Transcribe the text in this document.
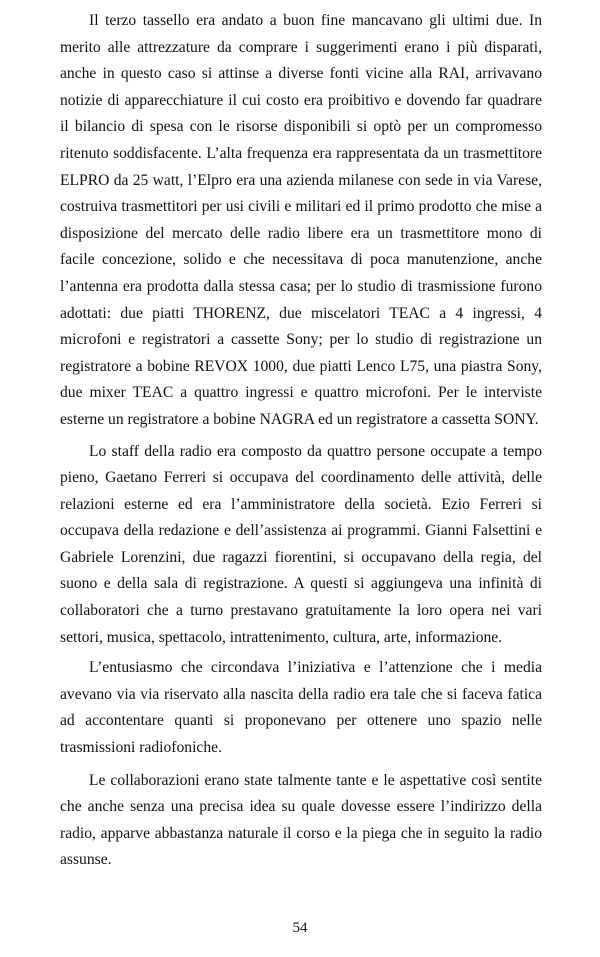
Il terzo tassello era andato a buon fine mancavano gli ultimi due. In merito alle attrezzature da comprare i suggerimenti erano i più disparati, anche in questo caso si attinse a diverse fonti vicine alla RAI, arrivavano notizie di apparecchiature il cui costo era proibitivo e dovendo far quadrare il bilancio di spesa con le risorse disponibili si optò per un compromesso ritenuto soddisfacente. L’alta frequenza era rappresentata da un trasmettitore ELPRO da 25 watt, l’Elpro era una azienda milanese con sede in via Varese, costruiva trasmettitori per usi civili e militari ed il primo prodotto che mise a disposizione del mercato delle radio libere era un trasmettitore mono di facile concezione, solido e che necessitava di poca manutenzione, anche l’antenna era prodotta dalla stessa casa; per lo studio di trasmissione furono adottati: due piatti THORENZ, due miscelatori TEAC a 4 ingressi, 4 microfoni e registratori a cassette Sony; per lo studio di registrazione un registratore a bobine REVOX 1000, due piatti Lenco L75, una piastra Sony, due mixer TEAC a quattro ingressi e quattro microfoni. Per le interviste esterne un registratore a bobine NAGRA ed un registratore a cassetta SONY.

Lo staff della radio era composto da quattro persone occupate a tempo pieno, Gaetano Ferreri si occupava del coordinamento delle attività, delle relazioni esterne ed era l’amministratore della società. Ezio Ferreri si occupava della redazione e dell’assistenza ai programmi. Gianni Falsettini e Gabriele Lorenzini, due ragazzi fiorentini, si occupavano della regia, del suono e della sala di registrazione. A questi si aggiungeva una infinità di collaboratori che a turno prestavano gratuitamente la loro opera nei vari settori, musica, spettacolo, intrattenimento, cultura, arte, informazione.

L’entusiasmo che circondava l’iniziativa e l’attenzione che i media avevano via via riservato alla nascita della radio era tale che si faceva fatica ad accontentare quanti si proponevano per ottenere uno spazio nelle trasmissioni radiofoniche.

Le collaborazioni erano state talmente tante e le aspettative così sentite che anche senza una precisa idea su quale dovesse essere l’indirizzo della radio, apparve abbastanza naturale il corso e la piega che in seguito la radio assunse.

54
